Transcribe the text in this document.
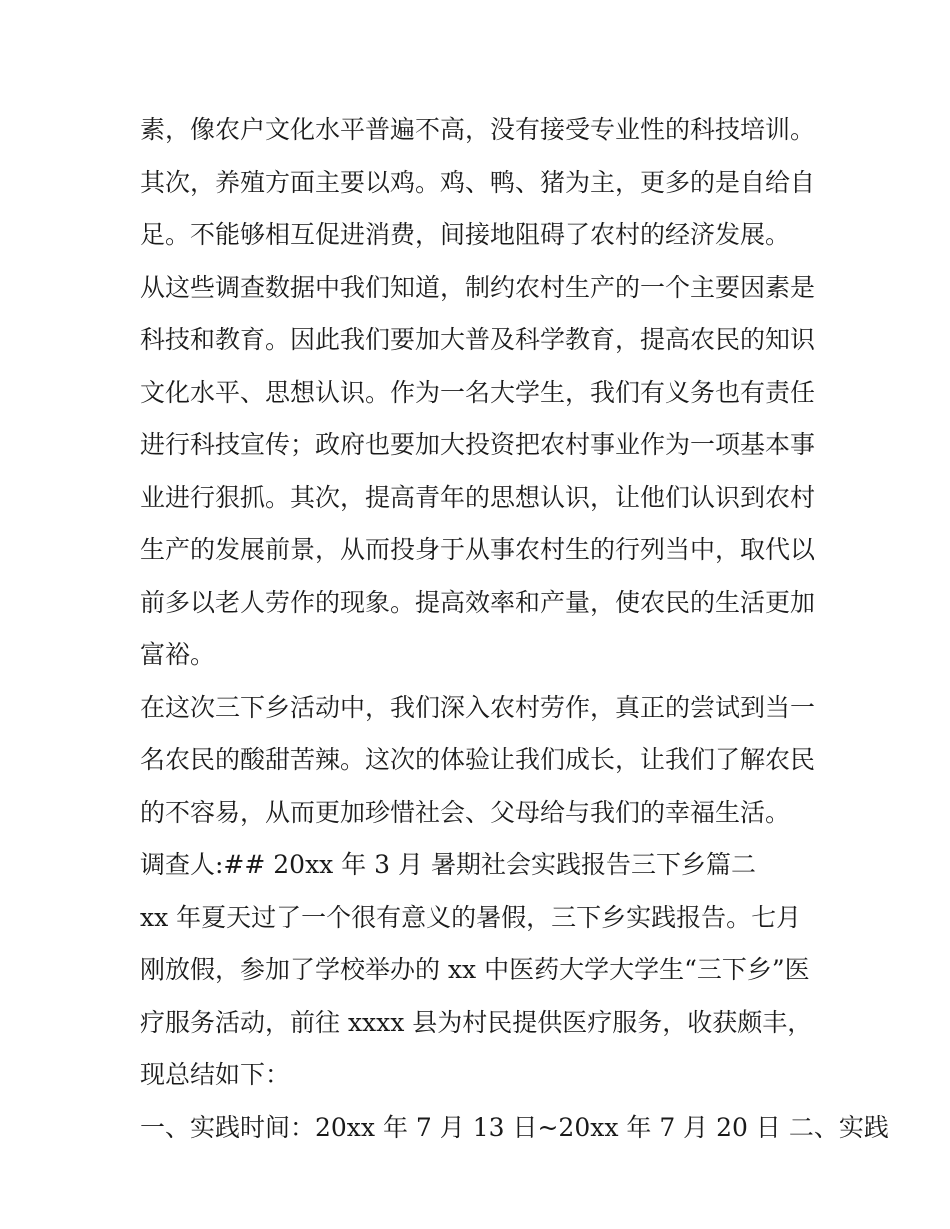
素，像农户文化水平普遍不高，没有接受专业性的科技培训。
其次，养殖方面主要以鸡。鸡、鸭、猪为主，更多的是自给自
足。不能够相互促进消费，间接地阻碍了农村的经济发展。
从这些调查数据中我们知道，制约农村生产的一个主要因素是
科技和教育。因此我们要加大普及科学教育，提高农民的知识
文化水平、思想认识。作为一名大学生，我们有义务也有责任
进行科技宣传；政府也要加大投资把农村事业作为一项基本事
业进行狠抓。其次，提高青年的思想认识，让他们认识到农村
生产的发展前景，从而投身于从事农村生的行列当中，取代以
前多以老人劳作的现象。提高效率和产量，使农民的生活更加
富裕。
在这次三下乡活动中，我们深入农村劳作，真正的尝试到当一
名农民的酸甜苦辣。这次的体验让我们成长，让我们了解农民
的不容易，从而更加珍惜社会、父母给与我们的幸福生活。
调查人:## 20xx 年 3 月 暑期社会实践报告三下乡篇二
xx 年夏天过了一个很有意义的暑假，三下乡实践报告。七月
刚放假，参加了学校举办的 xx 中医药大学大学生“三下乡”医
疗服务活动，前往 xxxx 县为村民提供医疗服务，收获颇丰，
现总结如下：
一、实践时间：20xx 年 7 月 13 日~20xx 年 7 月 20 日 二、实践
